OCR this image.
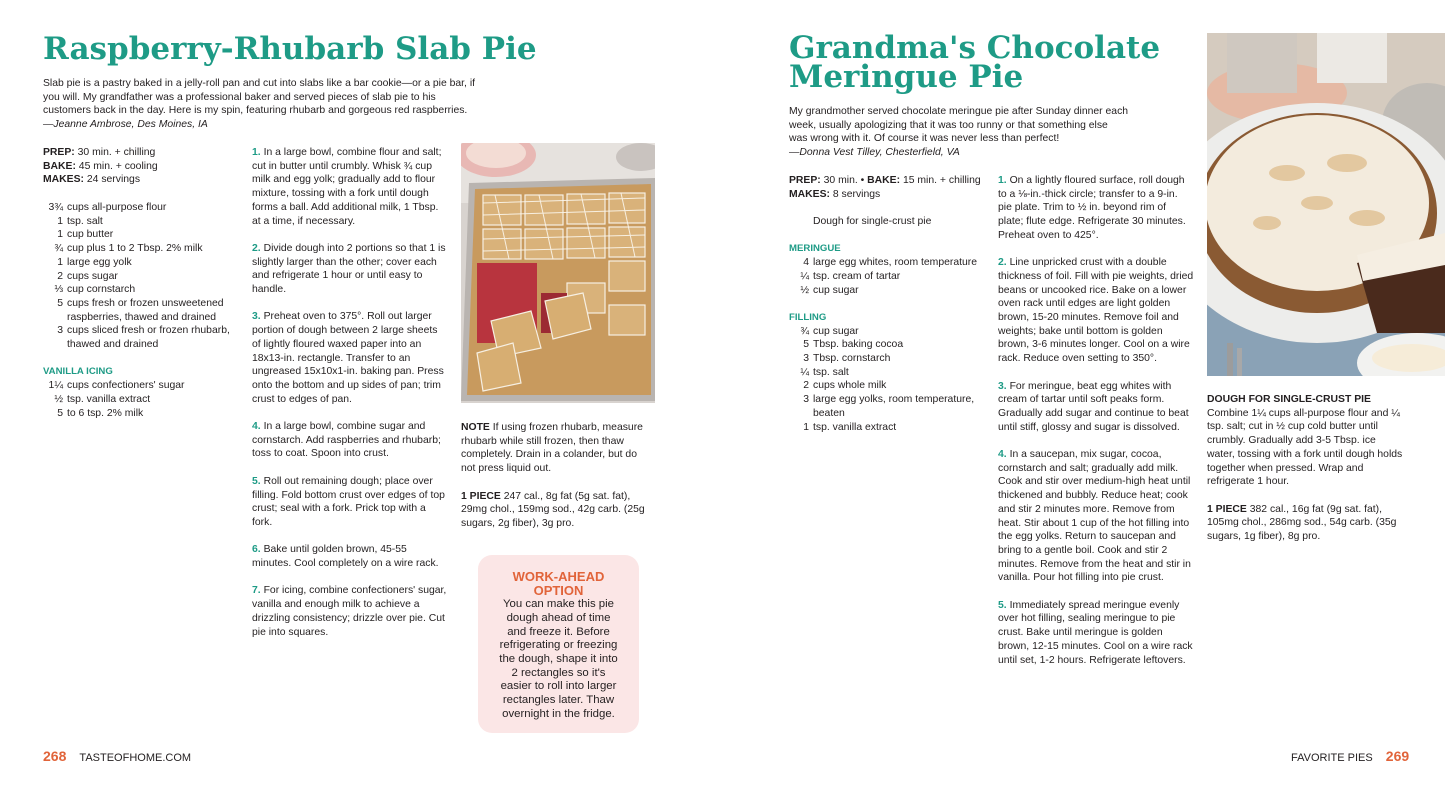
Raspberry-Rhubarb Slab Pie
Slab pie is a pastry baked in a jelly-roll pan and cut into slabs like a bar cookie—or a pie bar, if you will. My grandfather was a professional baker and served pieces of slab pie to his customers back in the day. Here is my spin, featuring rhubarb and gorgeous red raspberries.
—Jeanne Ambrose, Des Moines, IA
PREP: 30 min. + chilling
BAKE: 45 min. + cooling
MAKES: 24 servings
3¾ cups all-purpose flour
1 tsp. salt
1 cup butter
¾ cup plus 1 to 2 Tbsp. 2% milk
1 large egg yolk
2 cups sugar
⅓ cup cornstarch
5 cups fresh or frozen unsweetened raspberries, thawed and drained
3 cups sliced fresh or frozen rhubarb, thawed and drained
VANILLA ICING
1¼ cups confectioners' sugar
½ tsp. vanilla extract
5 to 6 tsp. 2% milk

1. In a large bowl, combine flour and salt; cut in butter until crumbly. Whisk ¾ cup milk and egg yolk; gradually add to flour mixture, tossing with a fork until dough forms a ball. Add additional milk, 1 Tbsp. at a time, if necessary.

2. Divide dough into 2 portions so that 1 is slightly larger than the other; cover each and refrigerate 1 hour or until easy to handle.

3. Preheat oven to 375°. Roll out larger portion of dough between 2 large sheets of lightly floured waxed paper into an 18x13-in. rectangle. Transfer to an ungreased 15x10x1-in. baking pan. Press onto the bottom and up sides of pan; trim crust to edges of pan.

4. In a large bowl, combine sugar and cornstarch. Add raspberries and rhubarb; toss to coat. Spoon into crust.

5. Roll out remaining dough; place over filling. Fold bottom crust over edges of top crust; seal with a fork. Prick top with a fork.

6. Bake until golden brown, 45-55 minutes. Cool completely on a wire rack.

7. For icing, combine confectioners' sugar, vanilla and enough milk to achieve a drizzling consistency; drizzle over pie. Cut pie into squares.

NOTE If using frozen rhubarb, measure rhubarb while still frozen, then thaw completely. Drain in a colander, but do not press liquid out.

1 PIECE 247 cal., 8g fat (5g sat. fat), 29mg chol., 159mg sod., 42g carb. (25g sugars, 2g fiber), 3g pro.

WORK-AHEAD
OPTION
You can make this pie
dough ahead of time
and freeze it. Before
refrigerating or freezing
the dough, shape it into
2 rectangles so it's
easier to roll into larger
rectangles later. Thaw
overnight in the fridge.
268 TASTEOFHOME.COM
Grandma's Chocolate
Meringue Pie
My grandmother served chocolate meringue pie after Sunday dinner each week, usually apologizing that it was too runny or that something else was wrong with it. Of course it was never less than perfect!
—Donna Vest Tilley, Chesterfield, VA
PREP: 30 min. • BAKE: 15 min. + chilling
MAKES: 8 servings
Dough for single-crust pie
MERINGUE
4 large egg whites, room temperature
¼ tsp. cream of tartar
½ cup sugar
FILLING
¾ cup sugar
5 Tbsp. baking cocoa
3 Tbsp. cornstarch
¼ tsp. salt
2 cups whole milk
3 large egg yolks, room temperature, beaten
1 tsp. vanilla extract

1. On a lightly floured surface, roll dough to a ⅛-in.-thick circle; transfer to a 9-in. pie plate. Trim to ½ in. beyond rim of plate; flute edge. Refrigerate 30 minutes. Preheat oven to 425°.

2. Line unpricked crust with a double thickness of foil. Fill with pie weights, dried beans or uncooked rice. Bake on a lower oven rack until edges are light golden brown, 15-20 minutes. Remove foil and weights; bake until bottom is golden brown, 3-6 minutes longer. Cool on a wire rack. Reduce oven setting to 350°.

3. For meringue, beat egg whites with cream of tartar until soft peaks form. Gradually add sugar and continue to beat until stiff, glossy and sugar is dissolved.

4. In a saucepan, mix sugar, cocoa, cornstarch and salt; gradually add milk. Cook and stir over medium-high heat until thickened and bubbly. Reduce heat; cook and stir 2 minutes more. Remove from heat. Stir about 1 cup of the hot filling into the egg yolks. Return to saucepan and bring to a gentle boil. Cook and stir 2 minutes. Remove from the heat and stir in vanilla. Pour hot filling into pie crust.

5. Immediately spread meringue evenly over hot filling, sealing meringue to pie crust. Bake until meringue is golden brown, 12-15 minutes. Cool on a wire rack until set, 1-2 hours. Refrigerate leftovers.

DOUGH FOR SINGLE-CRUST PIE Combine 1¼ cups all-purpose flour and ¼ tsp. salt; cut in ½ cup cold butter until crumbly. Gradually add 3-5 Tbsp. ice water, tossing with a fork until dough holds together when pressed. Wrap and refrigerate 1 hour.

1 PIECE 382 cal., 16g fat (9g sat. fat), 105mg chol., 286mg sod., 54g carb. (35g sugars, 1g fiber), 8g pro.

FAVORITE PIES 269
